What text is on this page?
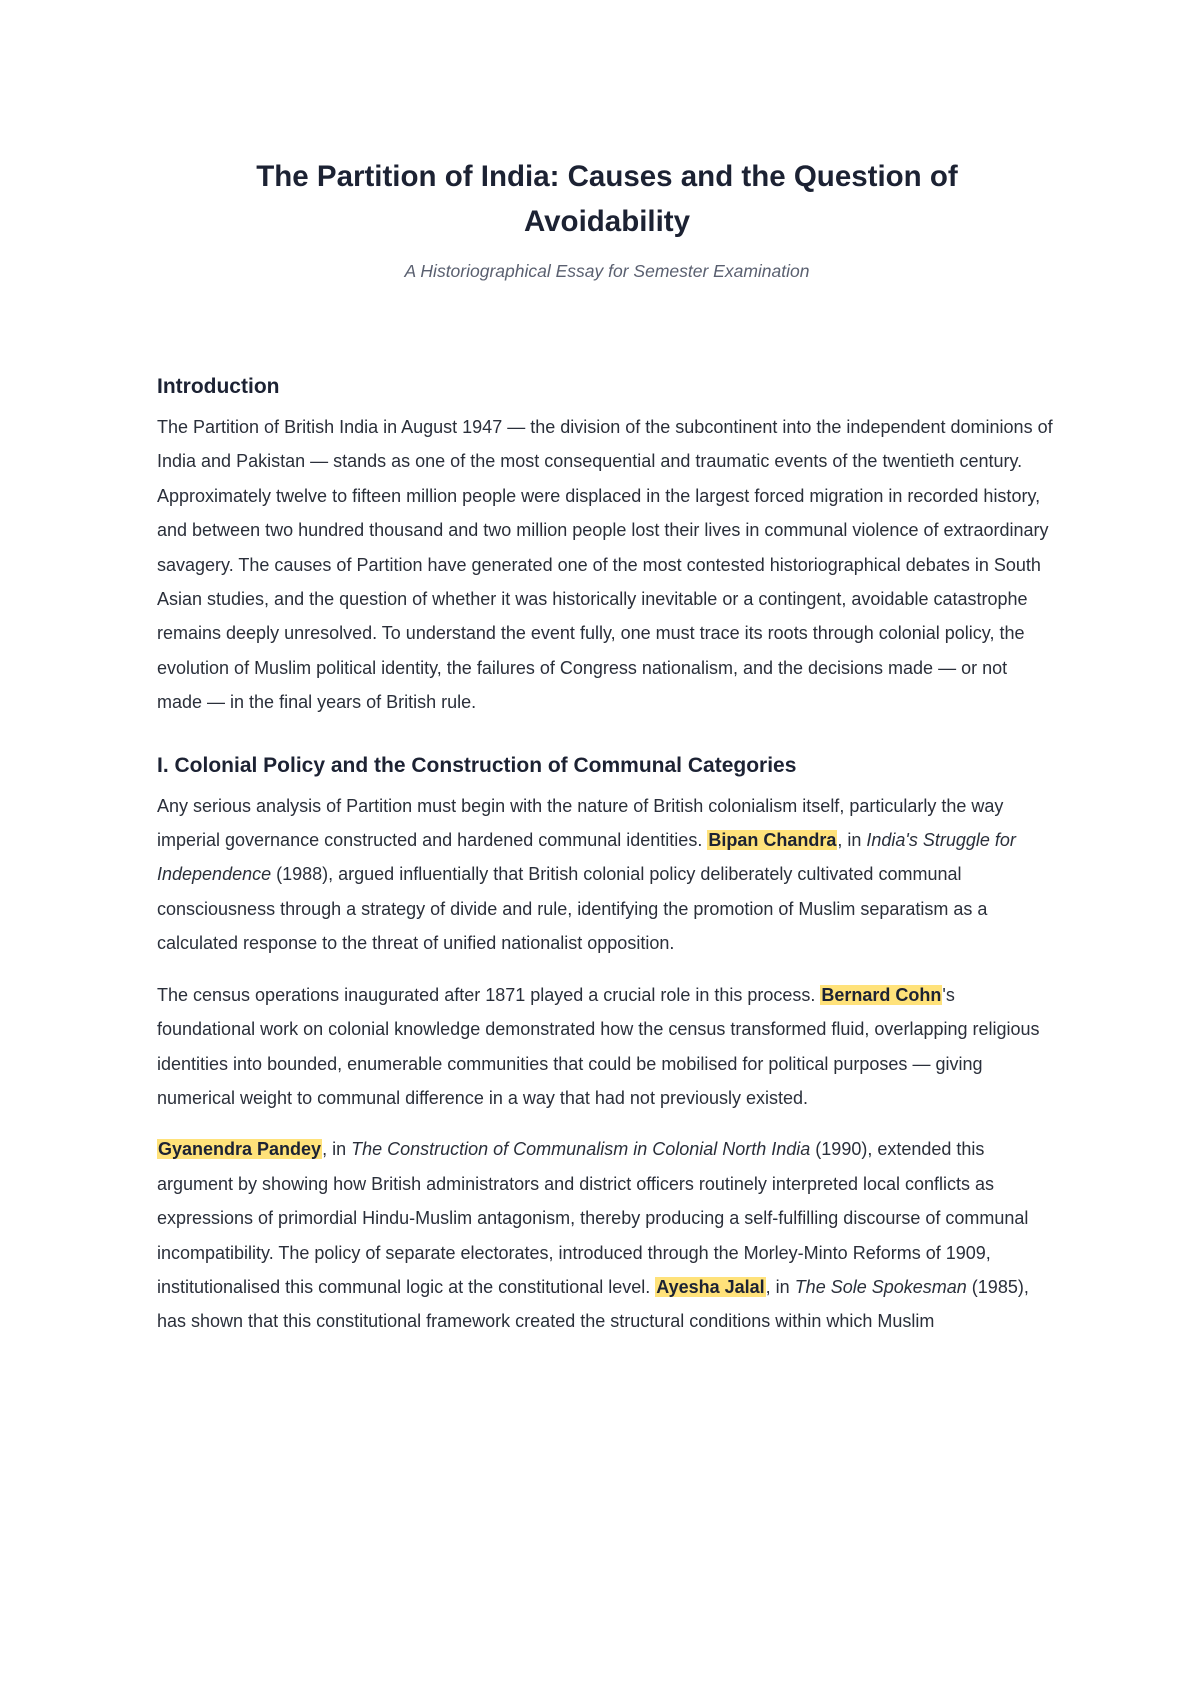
The Partition of India: Causes and the Question of
Avoidability
A Historiographical Essay for Semester Examination
Introduction

The Partition of British India in August 1947 — the division of the subcontinent into the independent dominions of India and Pakistan — stands as one of the most consequential and traumatic events of the twentieth century. Approximately twelve to fifteen million people were displaced in the largest forced migration in recorded history, and between two hundred thousand and two million people lost their lives in communal violence of extraordinary savagery. The causes of Partition have generated one of the most contested historiographical debates in South Asian studies, and the question of whether it was historically inevitable or a contingent, avoidable catastrophe remains deeply unresolved. To understand the event fully, one must trace its roots through colonial policy, the evolution of Muslim political identity, the failures of Congress nationalism, and the decisions made — or not made — in the final years of British rule.

I. Colonial Policy and the Construction of Communal Categories

Any serious analysis of Partition must begin with the nature of British colonialism itself, particularly the way imperial governance constructed and hardened communal identities. Bipan Chandra, in India's Struggle for Independence (1988), argued influentially that British colonial policy deliberately cultivated communal consciousness through a strategy of divide and rule, identifying the promotion of Muslim separatism as a calculated response to the threat of unified nationalist opposition.

The census operations inaugurated after 1871 played a crucial role in this process. Bernard Cohn's foundational work on colonial knowledge demonstrated how the census transformed fluid, overlapping religious identities into bounded, enumerable communities that could be mobilised for political purposes — giving numerical weight to communal difference in a way that had not previously existed.

Gyanendra Pandey, in The Construction of Communalism in Colonial North India (1990), extended this argument by showing how British administrators and district officers routinely interpreted local conflicts as expressions of primordial Hindu-Muslim antagonism, thereby producing a self-fulfilling discourse of communal incompatibility. The policy of separate electorates, introduced through the Morley-Minto Reforms of 1909, institutionalised this communal logic at the constitutional level. Ayesha Jalal, in The Sole Spokesman (1985), has shown that this constitutional framework created the structural conditions within which Muslim
